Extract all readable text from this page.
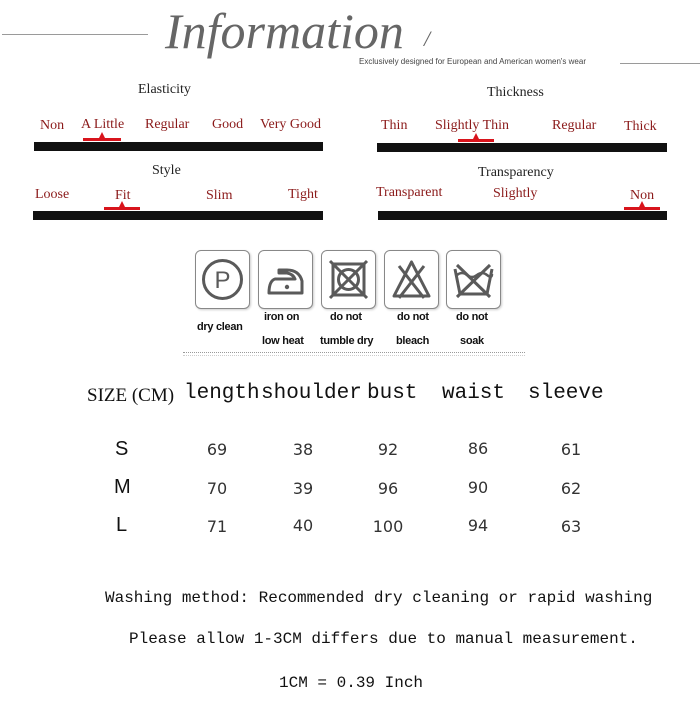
Information /
Exclusively designed for European and American women's wear
Elasticity
Non A Little Regular Good Very Good
Thickness
Thin Slightly Thin	Regular Thick
Style
Loose	Fit	Slim	Tight
Transparency
Transparent	Slightly	Non
P
dry clean
iron on
low heat
do not
tumble dry
do not
bleach
do not
soak
SIZE (CM) length shoulder bust waist sleeve
S	69	38	92	86	61
M	70	39	96	90	62
L	71	40	100	94	63
Washing method: Recommended dry cleaning or rapid washing
Please allow 1-3CM differs due to manual measurement.
1CM = 0.39 Inch
